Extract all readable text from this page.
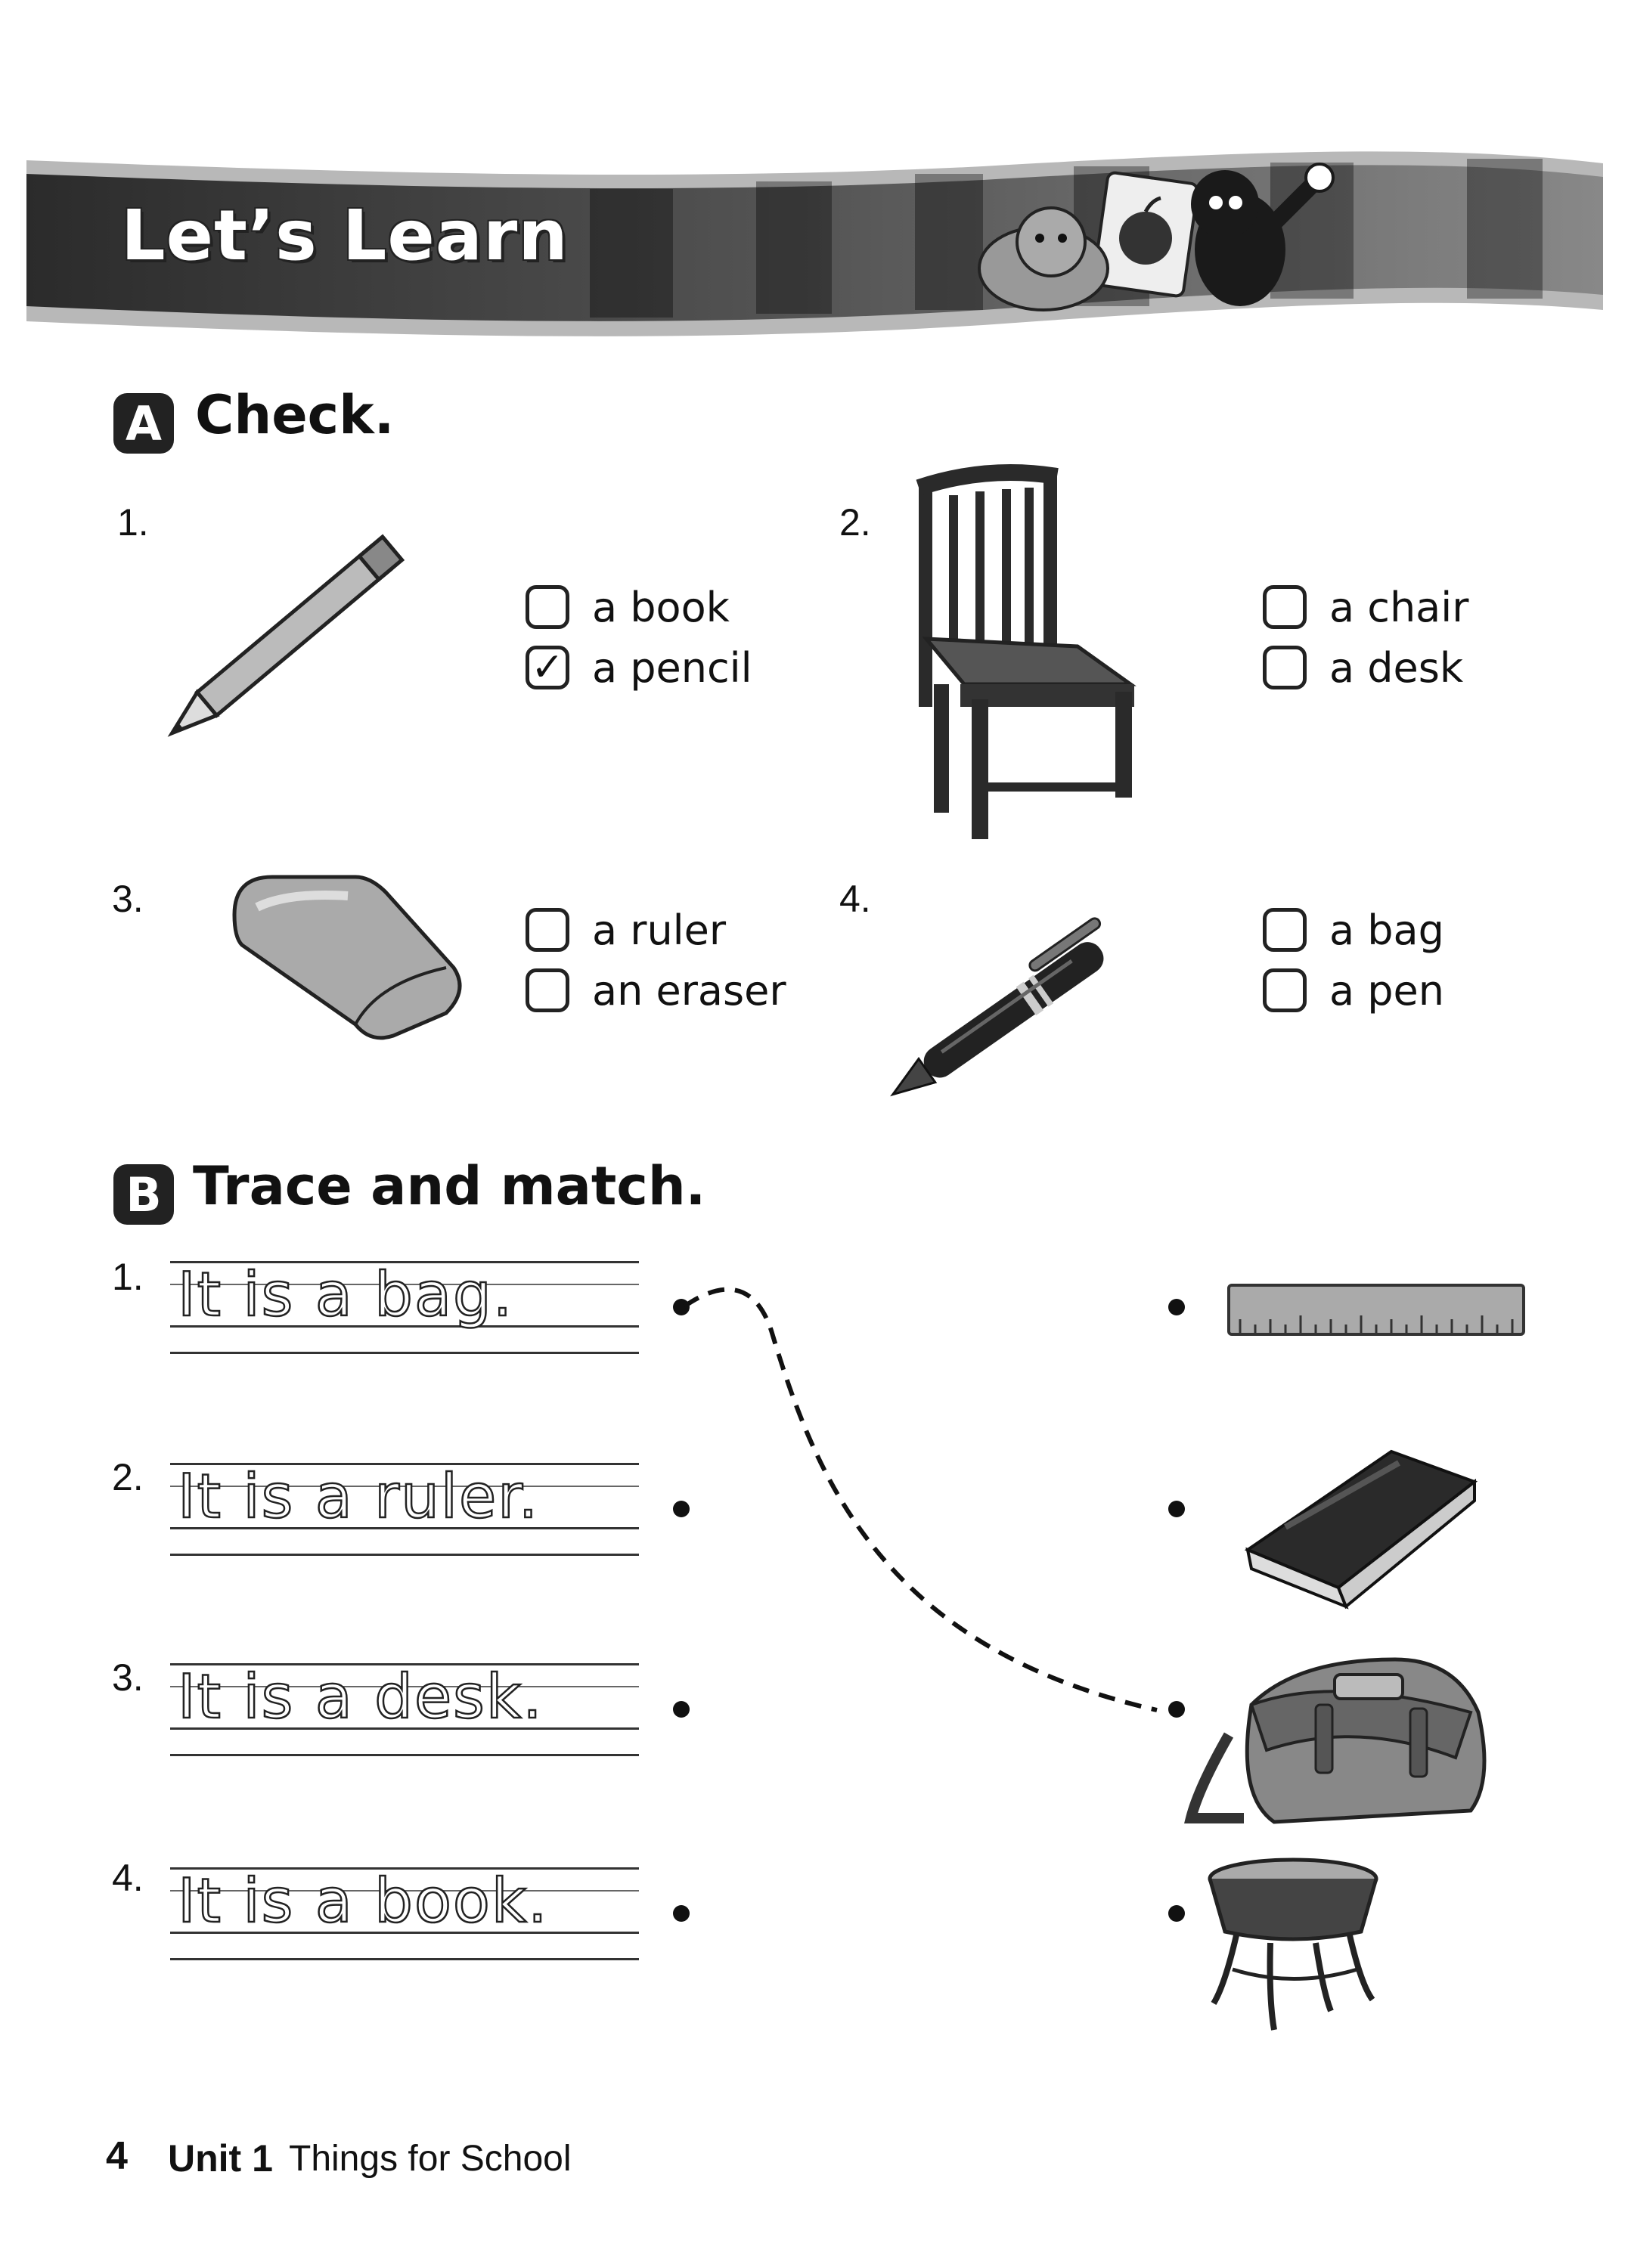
Let’s Learn
A Check.
1.
a book
✓ a pencil
2.
a chair
a desk
3.
a ruler
an eraser
4.
a bag
a pen
B Trace and match.
1. It is a bag.
2. It is a ruler.
3. It is a desk.
4. It is a book.
4 Unit 1 Things for School
